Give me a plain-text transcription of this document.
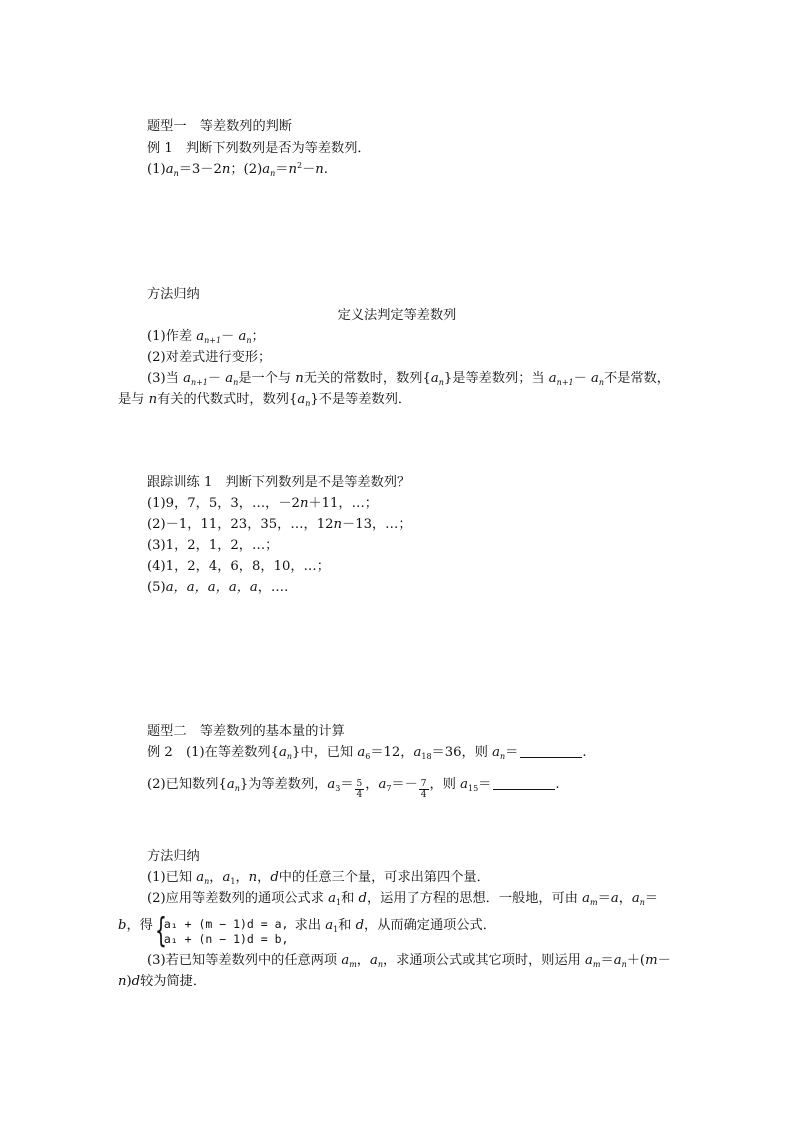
题型一　等差数列的判断
例 1　 判断下列数列是否为等差数列．
$(1)a_n=3-2n$；$(2)a_n=n^2-n$.
方法归纳
定义法判定等差数列
(1)作差 $a_{n+1}- a_n$；
(2)对差式进行变形；
(3)当 $a_{n+1}- a_n$是一个与 n无关的常数时，数列$\{a_n\}$是等差数列；当 $a_{n+1}- a_n$不是常数，
是与 n有关的代数式时，数列$\{a_n\}$不是等差数列．
跟踪训练 1　判断下列数列是不是等差数列？
(1)9，7，5，3，…，－2n＋11，…；
(2)－1，11，23，35，…，12n－13，…；
(3)1，2，1，2，…；
(4)1，2，4，6，8，10，…；
(5)a，a，a，a，a，….
题型二　等差数列的基本量的计算
例 2　 (1)在等差数列$\{a_n\}$中，已知 $a_6=12$，$a_{18}=36$，则 $a_n=$	.
(2)已知数列$\{a_n\}$为等差数列，$a_3= \frac{5}{4}$ ，$a_7=- \frac{7}{4}$ ，则 $a_{15}=$	.
方法归纳
(1)已知 $a_n$，$a_1$，n，d中的任意三个量，可求出第四个量．
(2)应用等差数列的通项公式求 $a_1$和 d，运用了方程的思想．一般地，可由 $a_m=a$，$a_n=$
b，得 {
a₁ + (m − 1)d = a,
a₁ + (n − 1)d = b,
求出 $a_1$和 d，从而确定通项公式．
(3)若已知等差数列中的任意两项 $a_m$，$a_n$，求通项公式或其它项时，则运用 $a_m=a_n+(m-$
n)d较为简捷．
